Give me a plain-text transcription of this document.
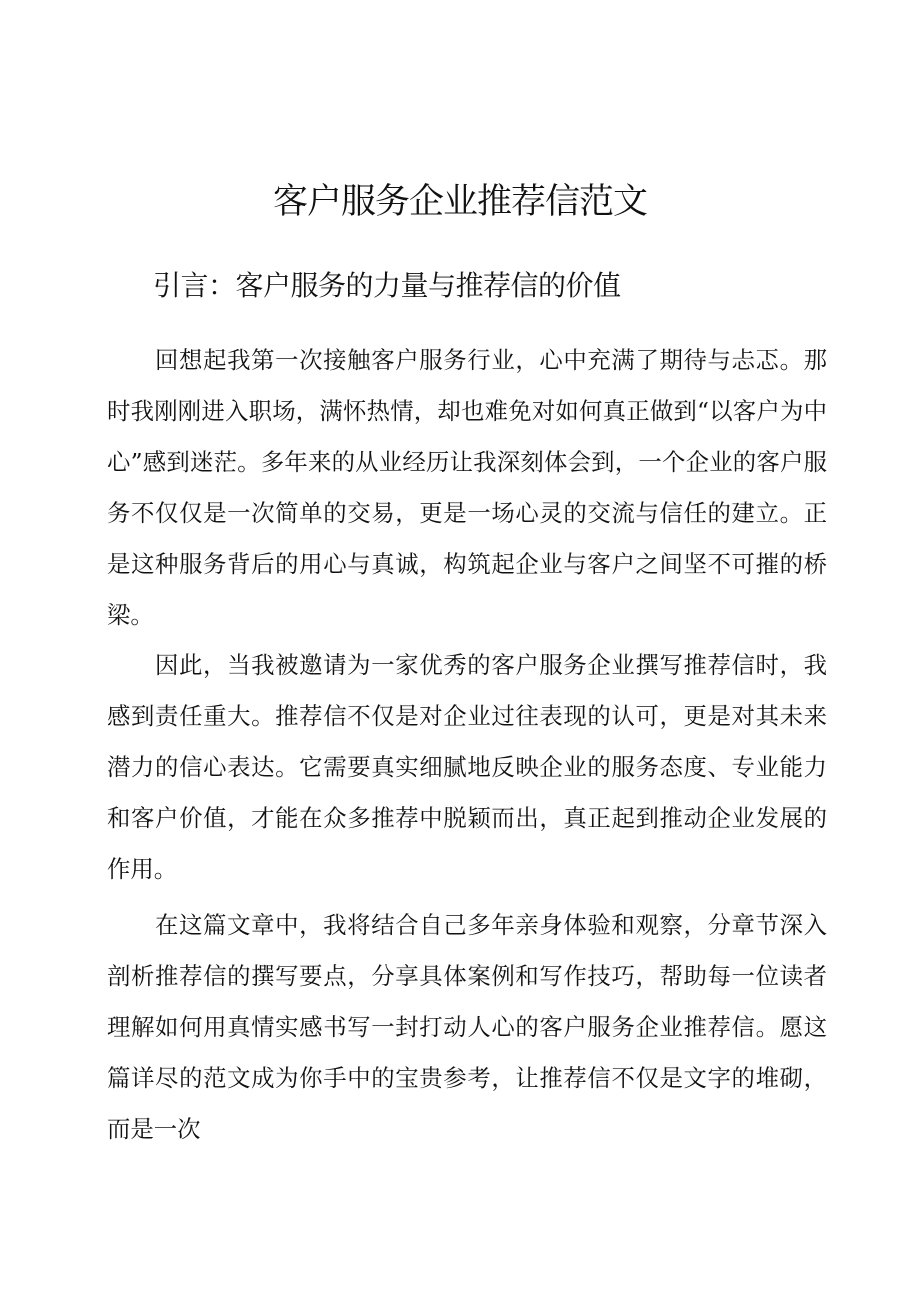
客户服务企业推荐信范文
引言：客户服务的力量与推荐信的价值

回想起我第一次接触客户服务行业，心中充满了期待与忐忑。那时我刚刚进入职场，满怀热情，却也难免对如何真正做到“以客户为中心”感到迷茫。多年来的从业经历让我深刻体会到，一个企业的客户服务不仅仅是一次简单的交易，更是一场心灵的交流与信任的建立。正是这种服务背后的用心与真诚，构筑起企业与客户之间坚不可摧的桥梁。

因此，当我被邀请为一家优秀的客户服务企业撰写推荐信时，我感到责任重大。推荐信不仅是对企业过往表现的认可，更是对其未来潜力的信心表达。它需要真实细腻地反映企业的服务态度、专业能力和客户价值，才能在众多推荐中脱颖而出，真正起到推动企业发展的作用。

在这篇文章中，我将结合自己多年亲身体验和观察，分章节深入剖析推荐信的撰写要点，分享具体案例和写作技巧，帮助每一位读者理解如何用真情实感书写一封打动人心的客户服务企业推荐信。愿这篇详尽的范文成为你手中的宝贵参考，让推荐信不仅是文字的堆砌，而是一次
